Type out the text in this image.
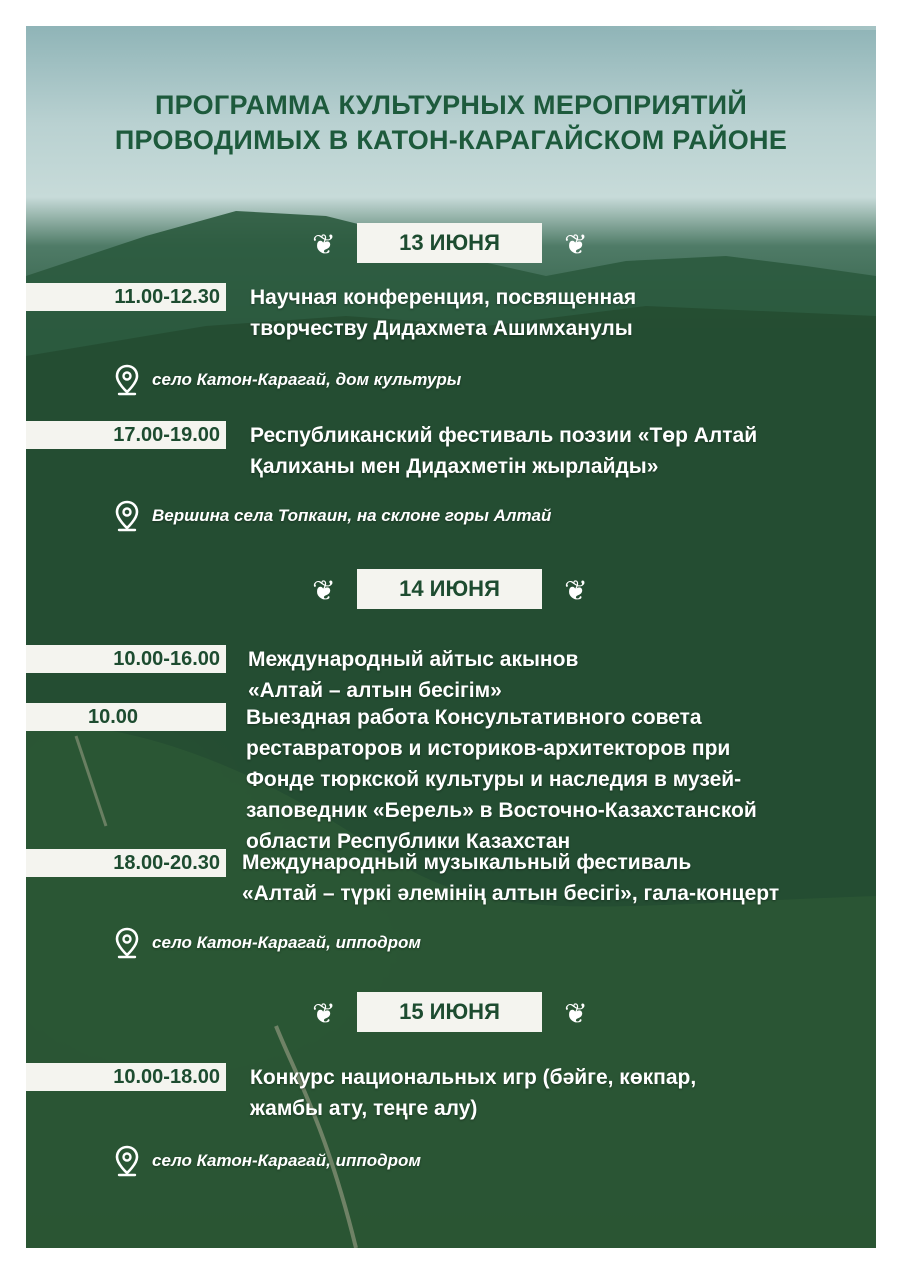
ПРОГРАММА КУЛЬТУРНЫХ МЕРОПРИЯТИЙ
ПРОВОДИМЫХ В КАТОН-КАРАГАЙСКОМ РАЙОНЕ
❦	13 ИЮНЯ	❦
11.00-12.30 Научная конференция, посвященная
творчеству Дидахмета Ашимханулы
село Катон-Карагай, дом культуры
17.00-19.00 Республиканский фестиваль поэзии «Төр Алтай
Қалиханы мен Дидахметін жырлайды»
Вершина села Топкаин, на склоне горы Алтай
❦	14 ИЮНЯ	❦
10.00-16.00 Международный айтыс акынов
«Алтай – алтын бесігім»
10.00	Выездная работа Консультативного совета
реставраторов и историков-архитекторов при
Фонде тюркской культуры и наследия в музей-
заповедник «Берель» в Восточно-Казахстанской
области Республики Казахстан
18.00-20.30 Международный музыкальный фестиваль
«Алтай – түркі әлемінің алтын бесігі», гала-концерт
село Катон-Карагай, ипподром
❦	15 ИЮНЯ	❦
10.00-18.00 Конкурс национальных игр (бәйге, көкпар,
жамбы ату, теңге алу)
село Катон-Карагай, ипподром
